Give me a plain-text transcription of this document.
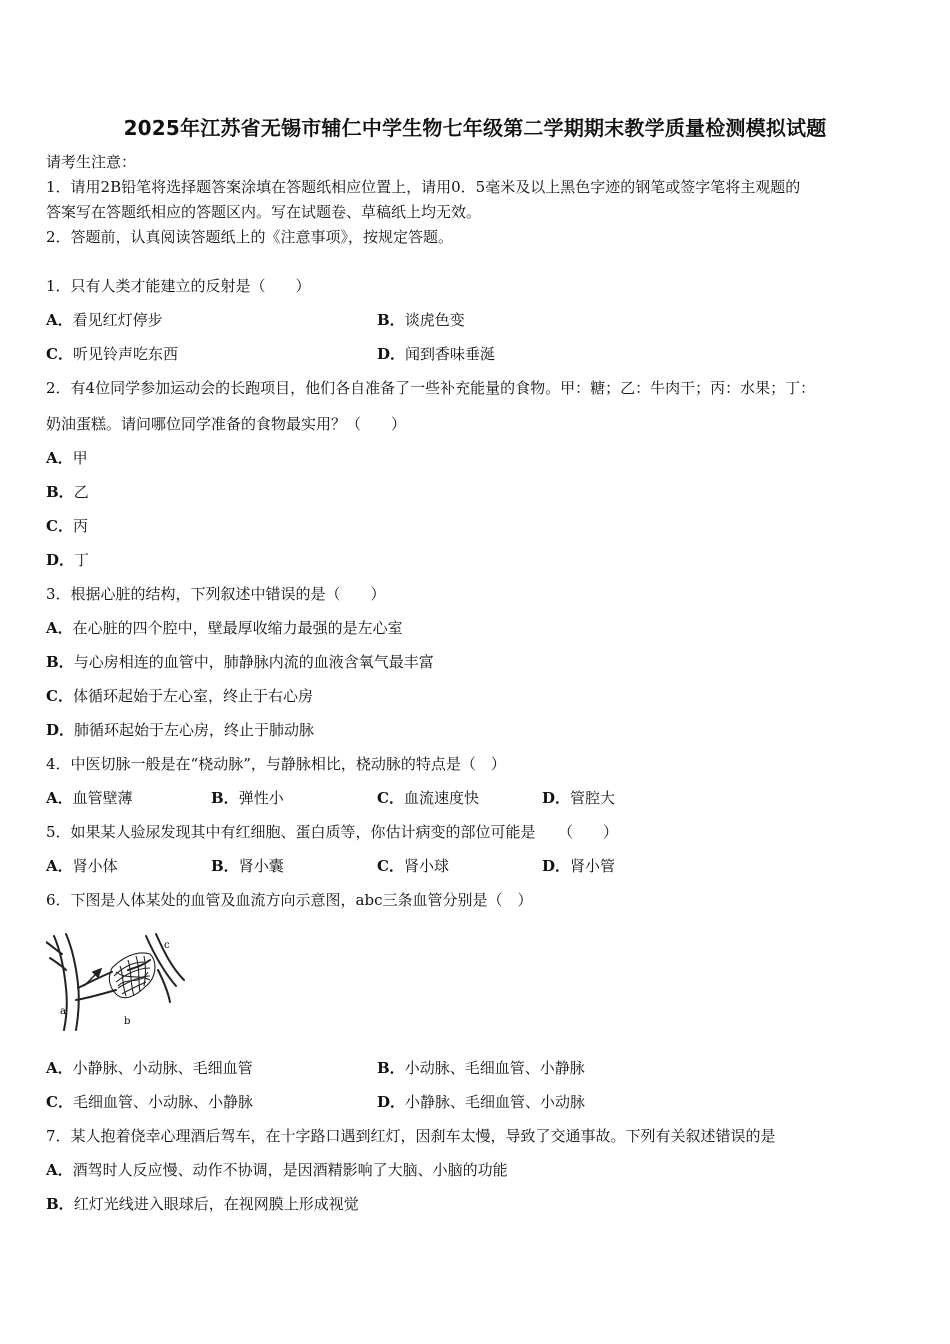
2025年江苏省无锡市辅仁中学生物七年级第二学期期末教学质量检测模拟试题
请考生注意：
1．请用2B铅笔将选择题答案涂填在答题纸相应位置上，请用0．5毫米及以上黑色字迹的钢笔或签字笔将主观题的
答案写在答题纸相应的答题区内。写在试题卷、草稿纸上均无效。
2．答题前，认真阅读答题纸上的《注意事项》，按规定答题。
1．只有人类才能建立的反射是（　　）
A．看见红灯停步	B．谈虎色变
C．听见铃声吃东西	D．闻到香味垂涎
2．有4位同学参加运动会的长跑项目，他们各自准备了一些补充能量的食物。甲：糖；乙：牛肉干；丙：水果；丁：
奶油蛋糕。请问哪位同学准备的食物最实用？（　　）
A．甲
B．乙
C．丙
D．丁
3．根据心脏的结构，下列叙述中错误的是（　　）
A．在心脏的四个腔中，壁最厚收缩力最强的是左心室
B．与心房相连的血管中，肺静脉内流的血液含氧气最丰富
C．体循环起始于左心室，终止于右心房
D．肺循环起始于左心房，终止于肺动脉
4．中医切脉一般是在“桡动脉”，与静脉相比，桡动脉的特点是（　）
A．血管壁薄	B．弹性小	C．血流速度快	D．管腔大
5．如果某人验尿发现其中有红细胞、蛋白质等，你估计病变的部位可能是　　（　　）
A．肾小体	B．肾小囊	C．肾小球	D．肾小管
6．下图是人体某处的血管及血流方向示意图，abc三条血管分别是（　）
a
b
c
A．小静脉、小动脉、毛细血管	B．小动脉、毛细血管、小静脉
C．毛细血管、小动脉、小静脉	D．小静脉、毛细血管、小动脉
7．某人抱着侥幸心理酒后驾车，在十字路口遇到红灯，因刹车太慢，导致了交通事故。下列有关叙述错误的是
A．酒驾时人反应慢、动作不协调，是因酒精影响了大脑、小脑的功能
B．红灯光线进入眼球后，在视网膜上形成视觉
